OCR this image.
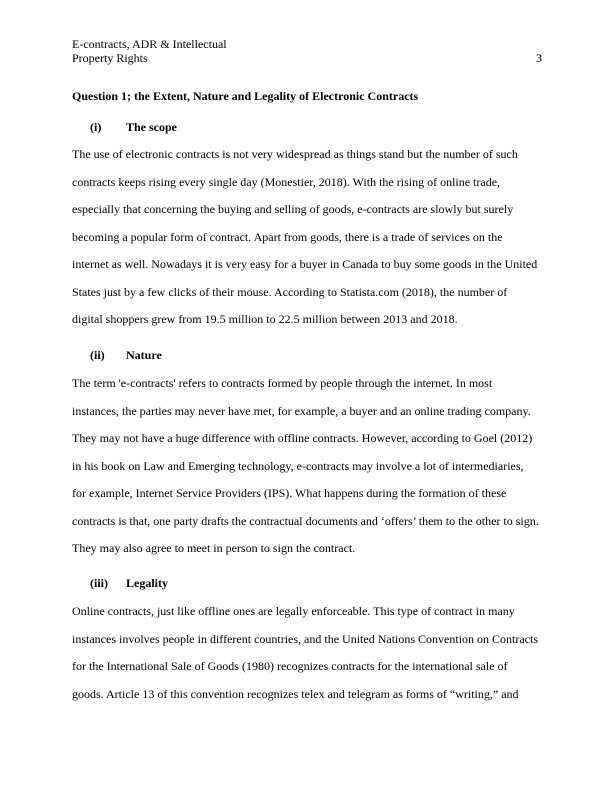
E-contracts, ADR & Intellectual
Property Rights	3
Question 1; the Extent, Nature and Legality of Electronic Contracts
(i) The scope
The use of electronic contracts is not very widespread as things stand but the number of such
contracts keeps rising every single day (Monestier, 2018). With the rising of online trade,
especially that concerning the buying and selling of goods, e-contracts are slowly but surely
becoming a popular form of contract. Apart from goods, there is a trade of services on the
internet as well. Nowadays it is very easy for a buyer in Canada to buy some goods in the United
States just by a few clicks of their mouse. According to Statista.com (2018), the number of
digital shoppers grew from 19.5 million to 22.5 million between 2013 and 2018.
(ii) Nature
The term 'e-contracts' refers to contracts formed by people through the internet. In most
instances, the parties may never have met, for example, a buyer and an online trading company.
They may not have a huge difference with offline contracts. However, according to Goel (2012)
in his book on Law and Emerging technology, e-contracts may involve a lot of intermediaries,
for example, Internet Service Providers (IPS). What happens during the formation of these
contracts is that, one party drafts the contractual documents and ‘offers’ them to the other to sign.
They may also agree to meet in person to sign the contract.
(iii) Legality
Online contracts, just like offline ones are legally enforceable. This type of contract in many
instances involves people in different countries, and the United Nations Convention on Contracts
for the International Sale of Goods (1980) recognizes contracts for the international sale of
goods. Article 13 of this convention recognizes telex and telegram as forms of “writing,” and
